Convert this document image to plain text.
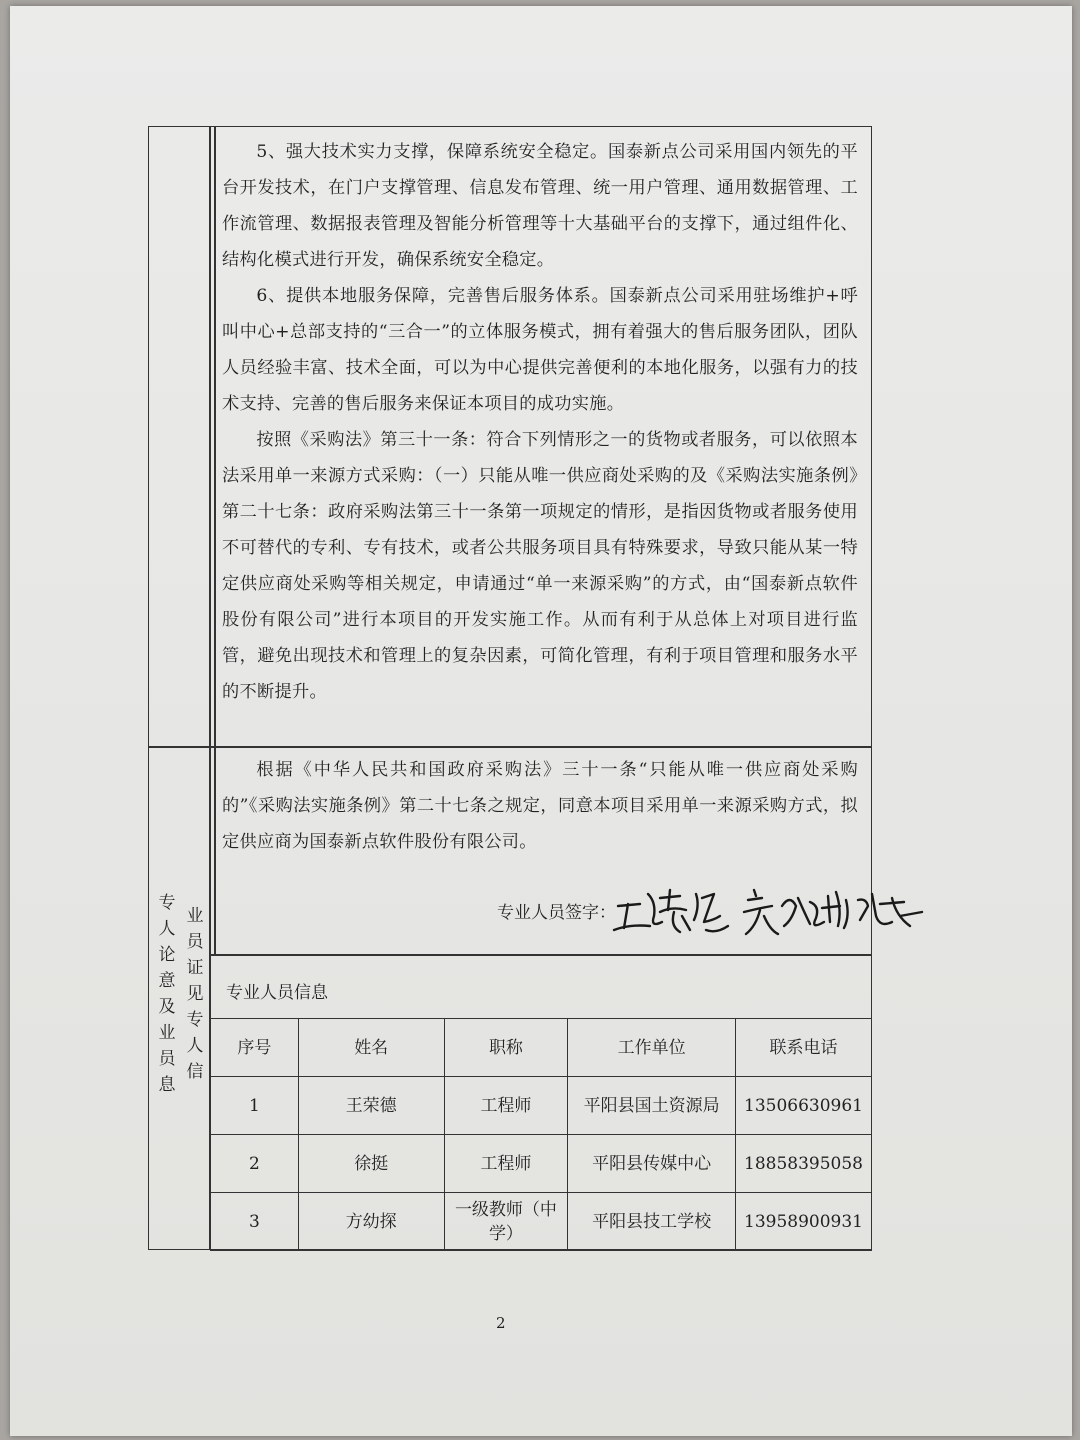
5、强大技术实力支撑，保障系统安全稳定。国泰新点公司采用国内领先的平台开发技术，在门户支撑管理、信息发布管理、统一用户管理、通用数据管理、工作流管理、数据报表管理及智能分析管理等十大基础平台的支撑下，通过组件化、结构化模式进行开发，确保系统安全稳定。

6、提供本地服务保障，完善售后服务体系。国泰新点公司采用驻场维护+呼叫中心+总部支持的“三合一”的立体服务模式，拥有着强大的售后服务团队，团队人员经验丰富、技术全面，可以为中心提供完善便利的本地化服务，以强有力的技术支持、完善的售后服务来保证本项目的成功实施。

按照《采购法》第三十一条：符合下列情形之一的货物或者服务，可以依照本法采用单一来源方式采购：（一）只能从唯一供应商处采购的及《采购法实施条例》第二十七条：政府采购法第三十一条第一项规定的情形，是指因货物或者服务使用不可替代的专利、专有技术，或者公共服务项目具有特殊要求，导致只能从某一特定供应商处采购等相关规定，申请通过“单一来源采购”的方式，由“国泰新点软件股份有限公司”进行本项目的开发实施工作。从而有利于从总体上对项目进行监管，避免出现技术和管理上的复杂因素，可简化管理，有利于项目管理和服务水平的不断提升。

根据《中华人民共和国政府采购法》三十一条“只能从唯一供应商处采购的”《采购法实施条例》第二十七条之规定，同意本项目采用单一来源采购方式，拟定供应商为国泰新点软件股份有限公司。

专
人
论
意
及
业
员
息
业
员
证
见
专
人
信
专业人员签字：
专业人员信息
序号	姓名	职称	工作单位	联系电话
1	王荣德	工程师	平阳县国土资源局	13506630961
2	徐挺	工程师	平阳县传媒中心	18858395058
3	方幼探	一级教师（中学）	平阳县技工学校	13958900931
2
